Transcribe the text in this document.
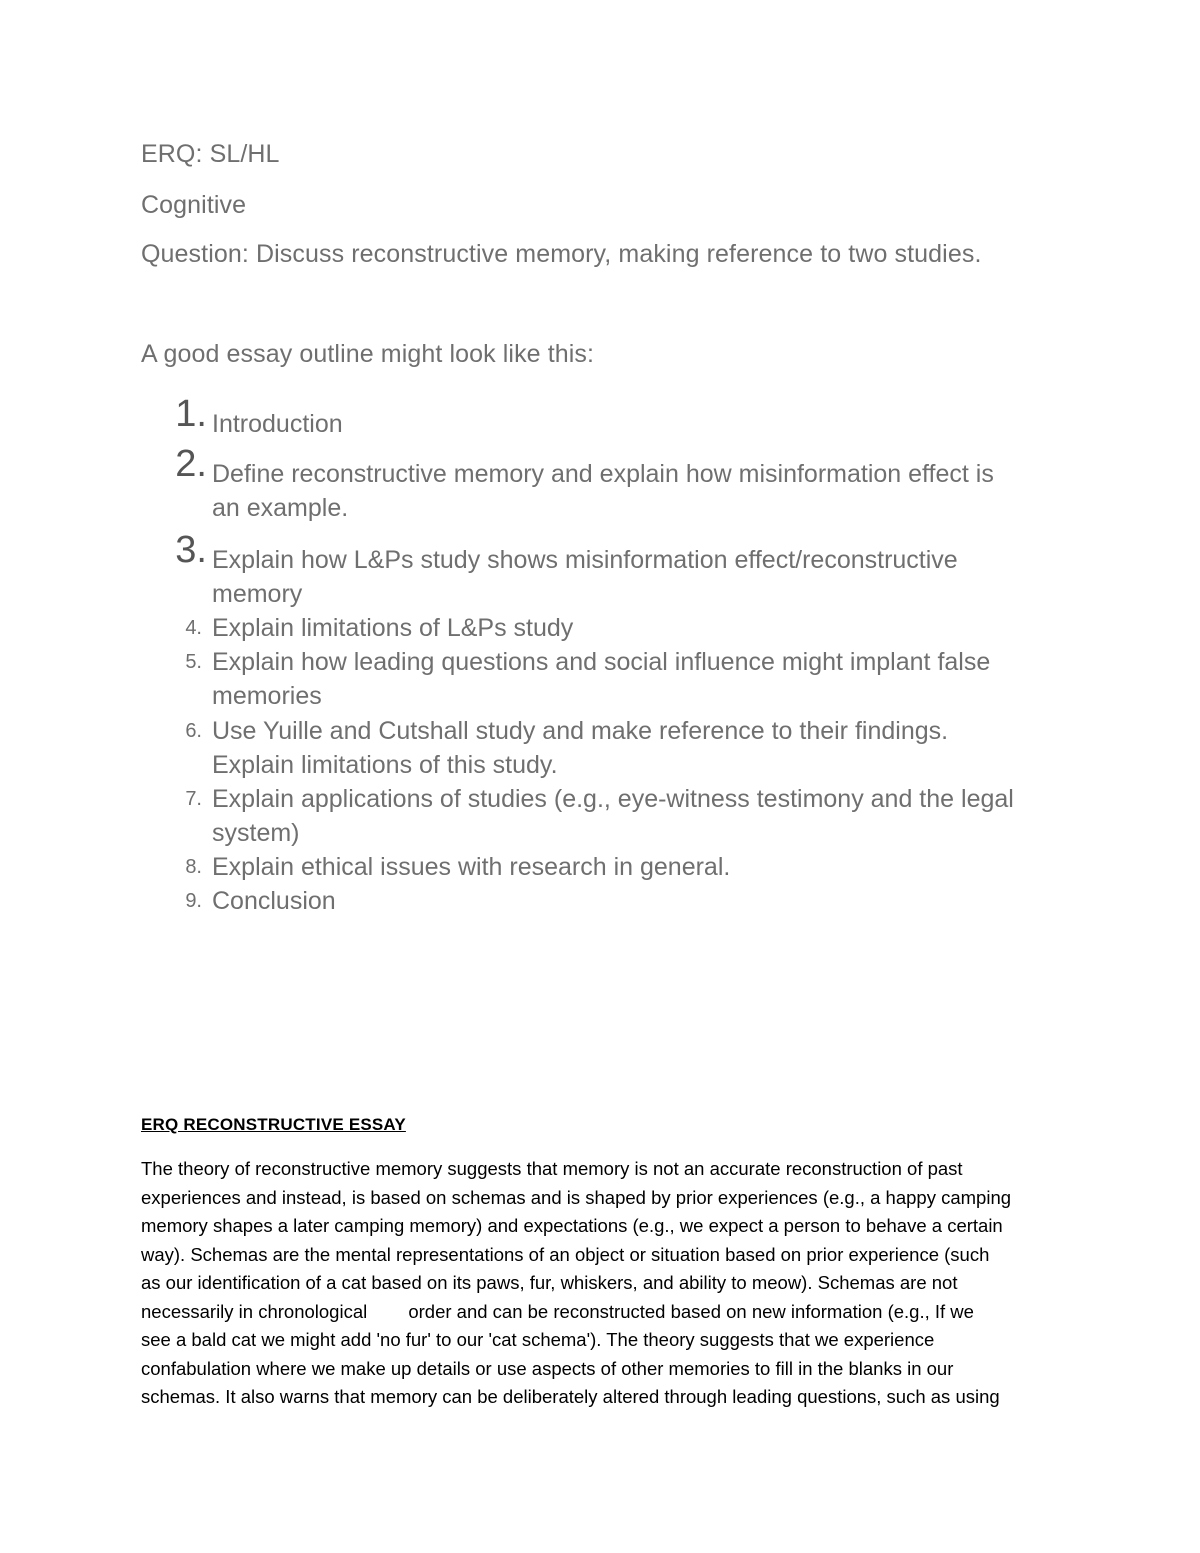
ERQ: SL/HL
Cognitive
Question: Discuss reconstructive memory, making reference to two studies.
A good essay outline might look like this:
1. Introduction
2. Define reconstructive memory and explain how misinformation effect is
an example.
3. Explain how L&Ps study shows misinformation effect/reconstructive
memory
4. Explain limitations of L&Ps study
5. Explain how leading questions and social influence might implant false
memories
6. Use Yuille and Cutshall study and make reference to their findings.
Explain limitations of this study.
7. Explain applications of studies (e.g., eye-witness testimony and the legal
system)
8. Explain ethical issues with research in general.
9. Conclusion
ERQ RECONSTRUCTIVE ESSAY
The theory of reconstructive memory suggests that memory is not an accurate reconstruction of past
experiences and instead, is based on schemas and is shaped by prior experiences (e.g., a happy camping
memory shapes a later camping memory) and expectations (e.g., we expect a person to behave a certain
way). Schemas are the mental representations of an object or situation based on prior experience (such
as our identification of a cat based on its paws, fur, whiskers, and ability to meow). Schemas are not
necessarily in chronological        order and can be reconstructed based on new information (e.g., If we
see a bald cat we might add 'no fur' to our 'cat schema'). The theory suggests that we experience
confabulation where we make up details or use aspects of other memories to fill in the blanks in our
schemas. It also warns that memory can be deliberately altered through leading questions, such as using
